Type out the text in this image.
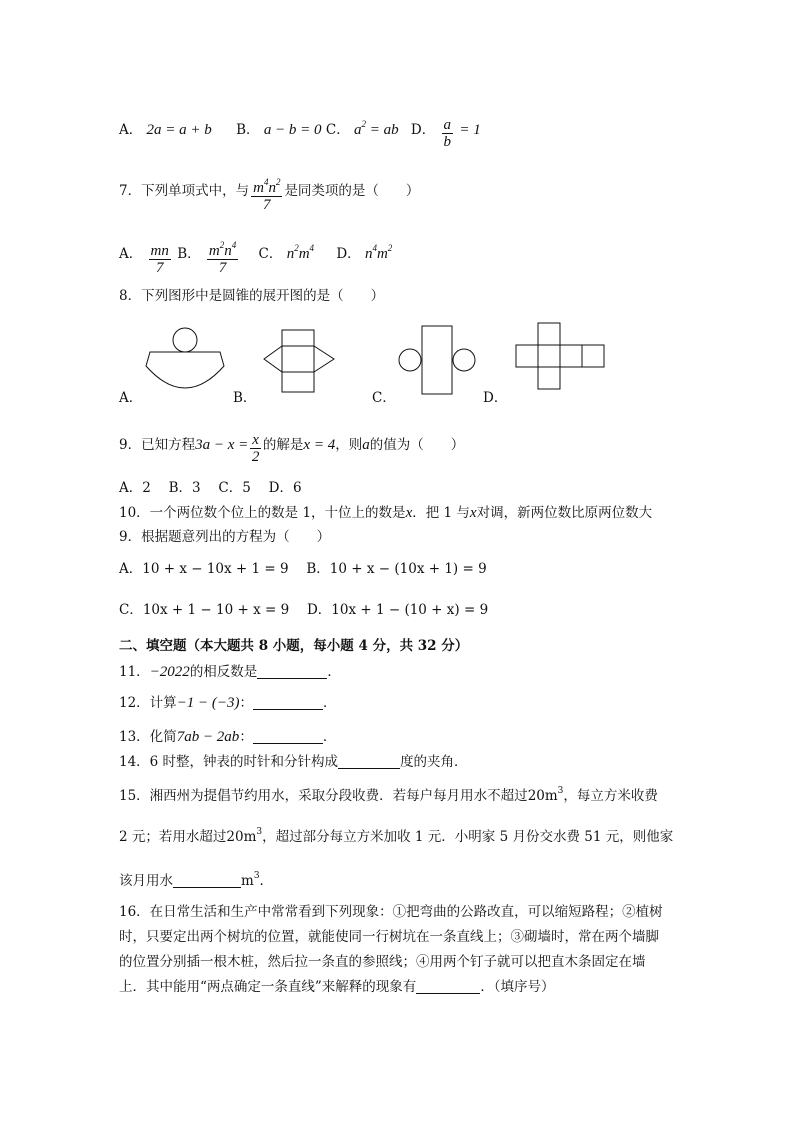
A． 2a = a + b B． a − b = 0 C． $a^2$ = ab D． $\frac{a}{b} = 1$
7．下列单项式中，与 $\frac{m^4n^2}{7}$ 是同类项的是（　　）
A． $\frac{mn}{7}$ B． $\frac{m^2n^4}{7}$ C． $n^2m^4$ D． $n^4m^2$
8．下列图形中是圆锥的展开图的是（　　）
A．	B．	C．	D．
9．已知方程$3a - x = \frac{x}{2}$ 的解是x = 4，则a的值为（　　）
A．2　 B．3　 C．5　 D．6
10．一个两位数个位上的数是 1，十位上的数是x．把 1 与x对调，新两位数比原两位数大
9．根据题意列出的方程为（　　）
A．10 + x − 10x + 1 = 9　 B．10 + x − (10x + 1) = 9
C．10x + 1 − 10 + x = 9　 D．10x + 1 − (10 + x) = 9
二、填空题（本大题共 8 小题，每小题 4 分，共 32 分）
11．−2022的相反数是	．
12．计算−1 − (−3)：	．
13．化简7ab − 2ab：	．
14．6 时整，钟表的时针和分针构成	度的夹角．
15．湘西州为提倡节约用水，采取分段收费．若每户每月用水不超过$20m^3$，每立方米收费
2 元；若用水超过$20m^3$，超过部分每立方米加收 1 元．小明家 5 月份交水费 51 元，则他家
该月用水	$m^3$．
16．在日常生活和生产中常常看到下列现象：①把弯曲的公路改直，可以缩短路程；②植树
时，只要定出两个树坑的位置，就能使同一行树坑在一条直线上；③砌墙时，常在两个墙脚
的位置分别插一根木桩，然后拉一条直的参照线；④用两个钉子就可以把直木条固定在墙
上．其中能用“两点确定一条直线”来解释的现象有	．（填序号）
